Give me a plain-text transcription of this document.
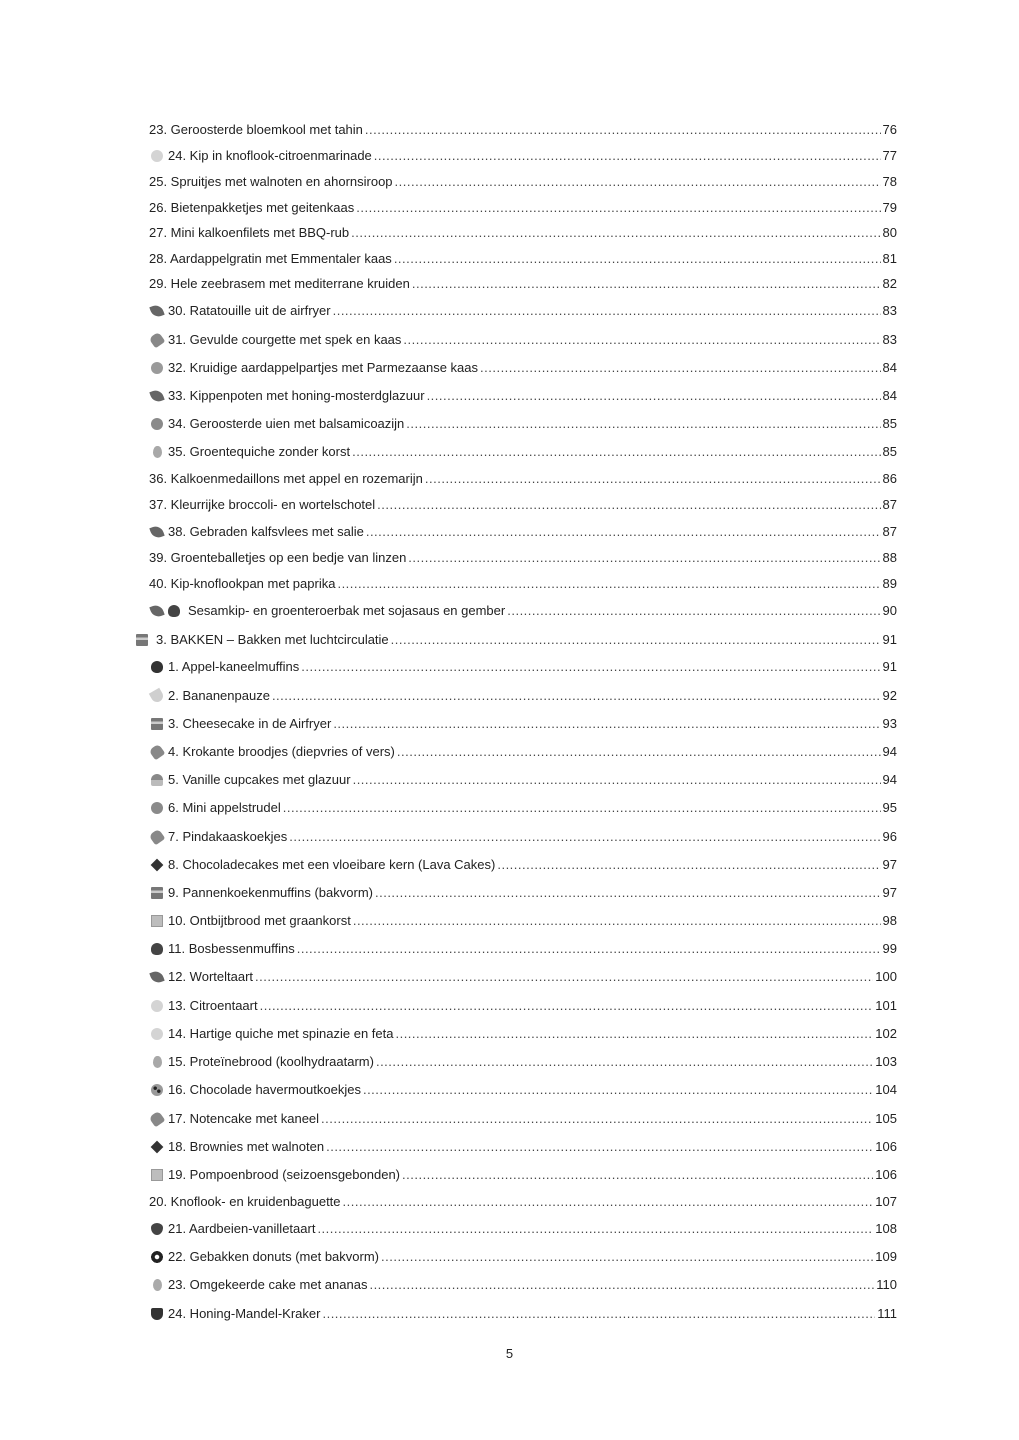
23. Geroosterde bloemkool met tahin .....	76
24. Kip in knoflook-citroenmarinade .....	77
25. Spruitjes met walnoten en ahornsiroop .....	78
26. Bietenpakketjes met geitenkaas .....	79
27. Mini kalkoenfilets met BBQ-rub .....	80
28. Aardappelgratin met Emmentaler kaas .....	81
29. Hele zeebrasem met mediterrane kruiden .....	82
30. Ratatouille uit de airfryer .....	83
31. Gevulde courgette met spek en kaas .....	83
32. Kruidige aardappelpartjes met Parmezaanse kaas .....	84
33. Kippenpoten met honing-mosterdglazuur .....	84
34. Geroosterde uien met balsamicoazijn .....	85
35. Groentequiche zonder korst .....	85
36. Kalkoenmedaillons met appel en rozemarijn .....	86
37. Kleurrijke broccoli- en wortelschotel .....	87
38. Gebraden kalfsvlees met salie .....	87
39. Groenteballetjes op een bedje van linzen .....	88
40. Kip-knoflookpan met paprika .....	89
Sesamkip- en groenteroerbak met sojasaus en gember .....	90
3. BAKKEN – Bakken met luchtcirculatie .....	91
1. Appel-kaneelmuffins .....	91
2. Bananenpauze .....	92
3. Cheesecake in de Airfryer .....	93
4. Krokante broodjes (diepvries of vers) .....	94
5. Vanille cupcakes met glazuur .....	94
6. Mini appelstrudel .....	95
7. Pindakaaskoekjes .....	96
8. Chocoladecakes met een vloeibare kern (Lava Cakes) .....	97
9. Pannenkoekenmuffins (bakvorm) .....	97
10. Ontbijtbrood met graankorst .....	98
11. Bosbessenmuffins .....	99
12. Worteltaart .....	100
13. Citroentaart .....	101
14. Hartige quiche met spinazie en feta .....	102
15. Proteïnebrood (koolhydraatarm) .....	103
16. Chocolade havermoutkoekjes .....	104
17. Notencake met kaneel .....	105
18. Brownies met walnoten .....	106
19. Pompoenbrood (seizoensgebonden) .....	106
20. Knoflook- en kruidenbaguette .....	107
21. Aardbeien-vanilletaart .....	108
22. Gebakken donuts (met bakvorm) .....	109
23. Omgekeerde cake met ananas .....	110
24. Honing-Mandel-Kraker .....	111
5
